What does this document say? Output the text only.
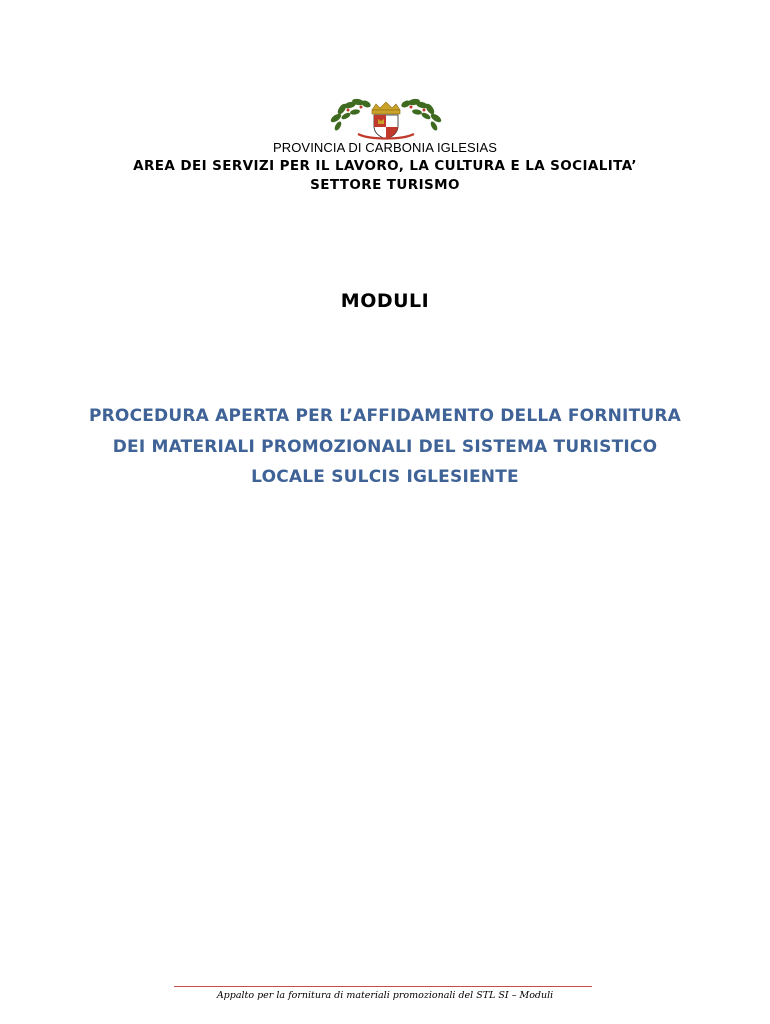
PROVINCIA DI CARBONIA IGLESIAS
AREA DEI SERVIZI PER IL LAVORO, LA CULTURA E LA SOCIALITA’
SETTORE TURISMO
MODULI
PROCEDURA APERTA PER L’AFFIDAMENTO DELLA FORNITURA
DEI MATERIALI PROMOZIONALI DEL SISTEMA TURISTICO
LOCALE SULCIS IGLESIENTE
Appalto per la fornitura di materiali promozionali del STL SI – Moduli
